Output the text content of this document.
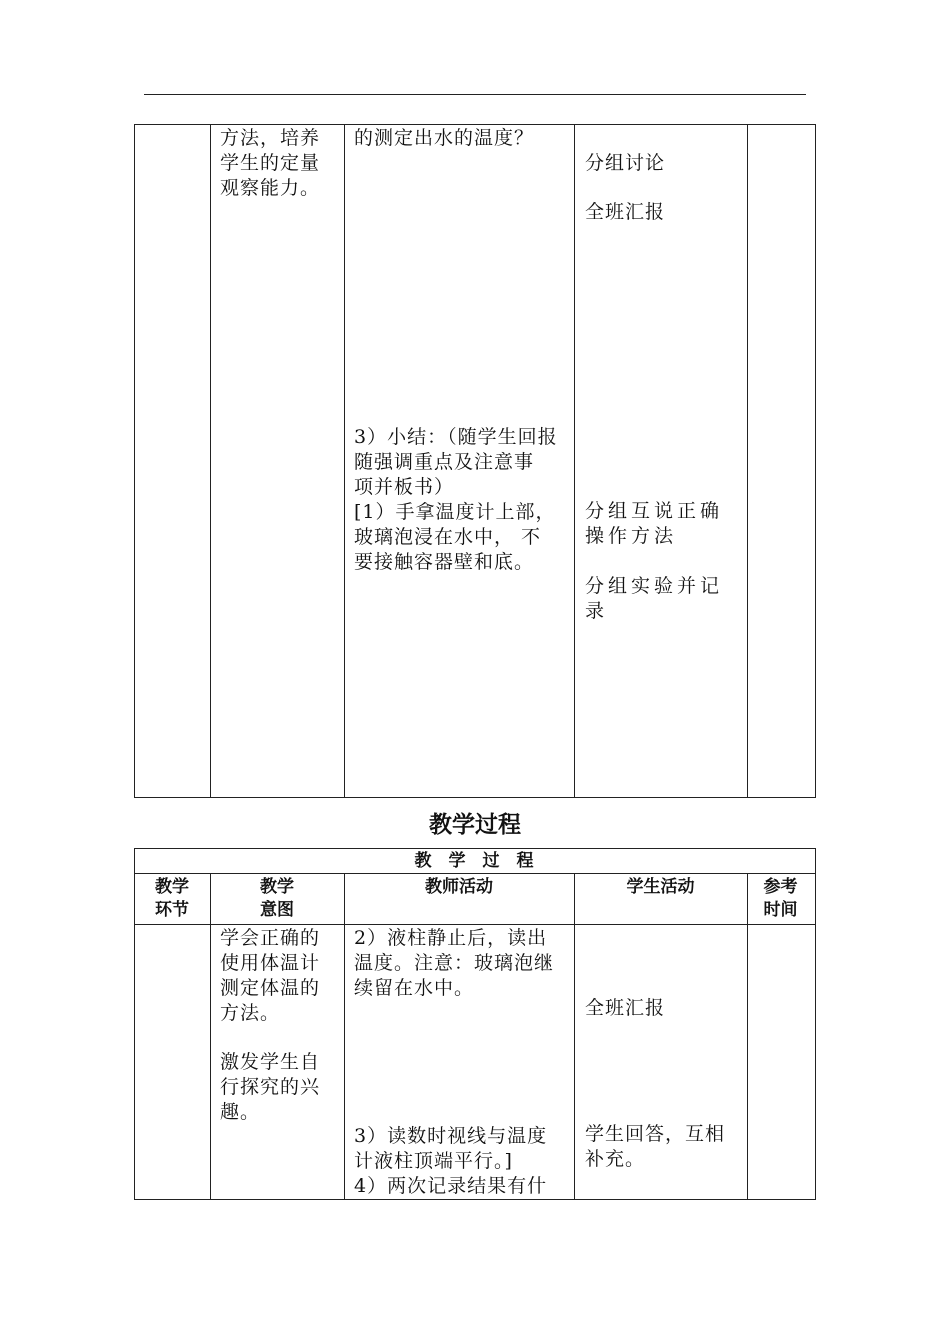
方法，培养
学生的定量
观察能力。
的测定出水的温度？
分组讨论
全班汇报
3）小结：（随学生回报
随强调重点及注意事
项并板书）
[1）手拿温度计上部，
玻璃泡浸在水中， 不
要接触容器壁和底。
分组互说正确
操作方法
分组实验并记
录
教学过程
教　学　过　程
教学
环节
教学
意图
教师活动	学生活动	参考
时间
学会正确的
使用体温计
测定体温的
方法。
激发学生自
行探究的兴
趣。
2）液柱静止后，读出
温度。注意：玻璃泡继
续留在水中。
3）读数时视线与温度
计液柱顶端平行。]
4）两次记录结果有什
全班汇报
学生回答，互相
补充。
